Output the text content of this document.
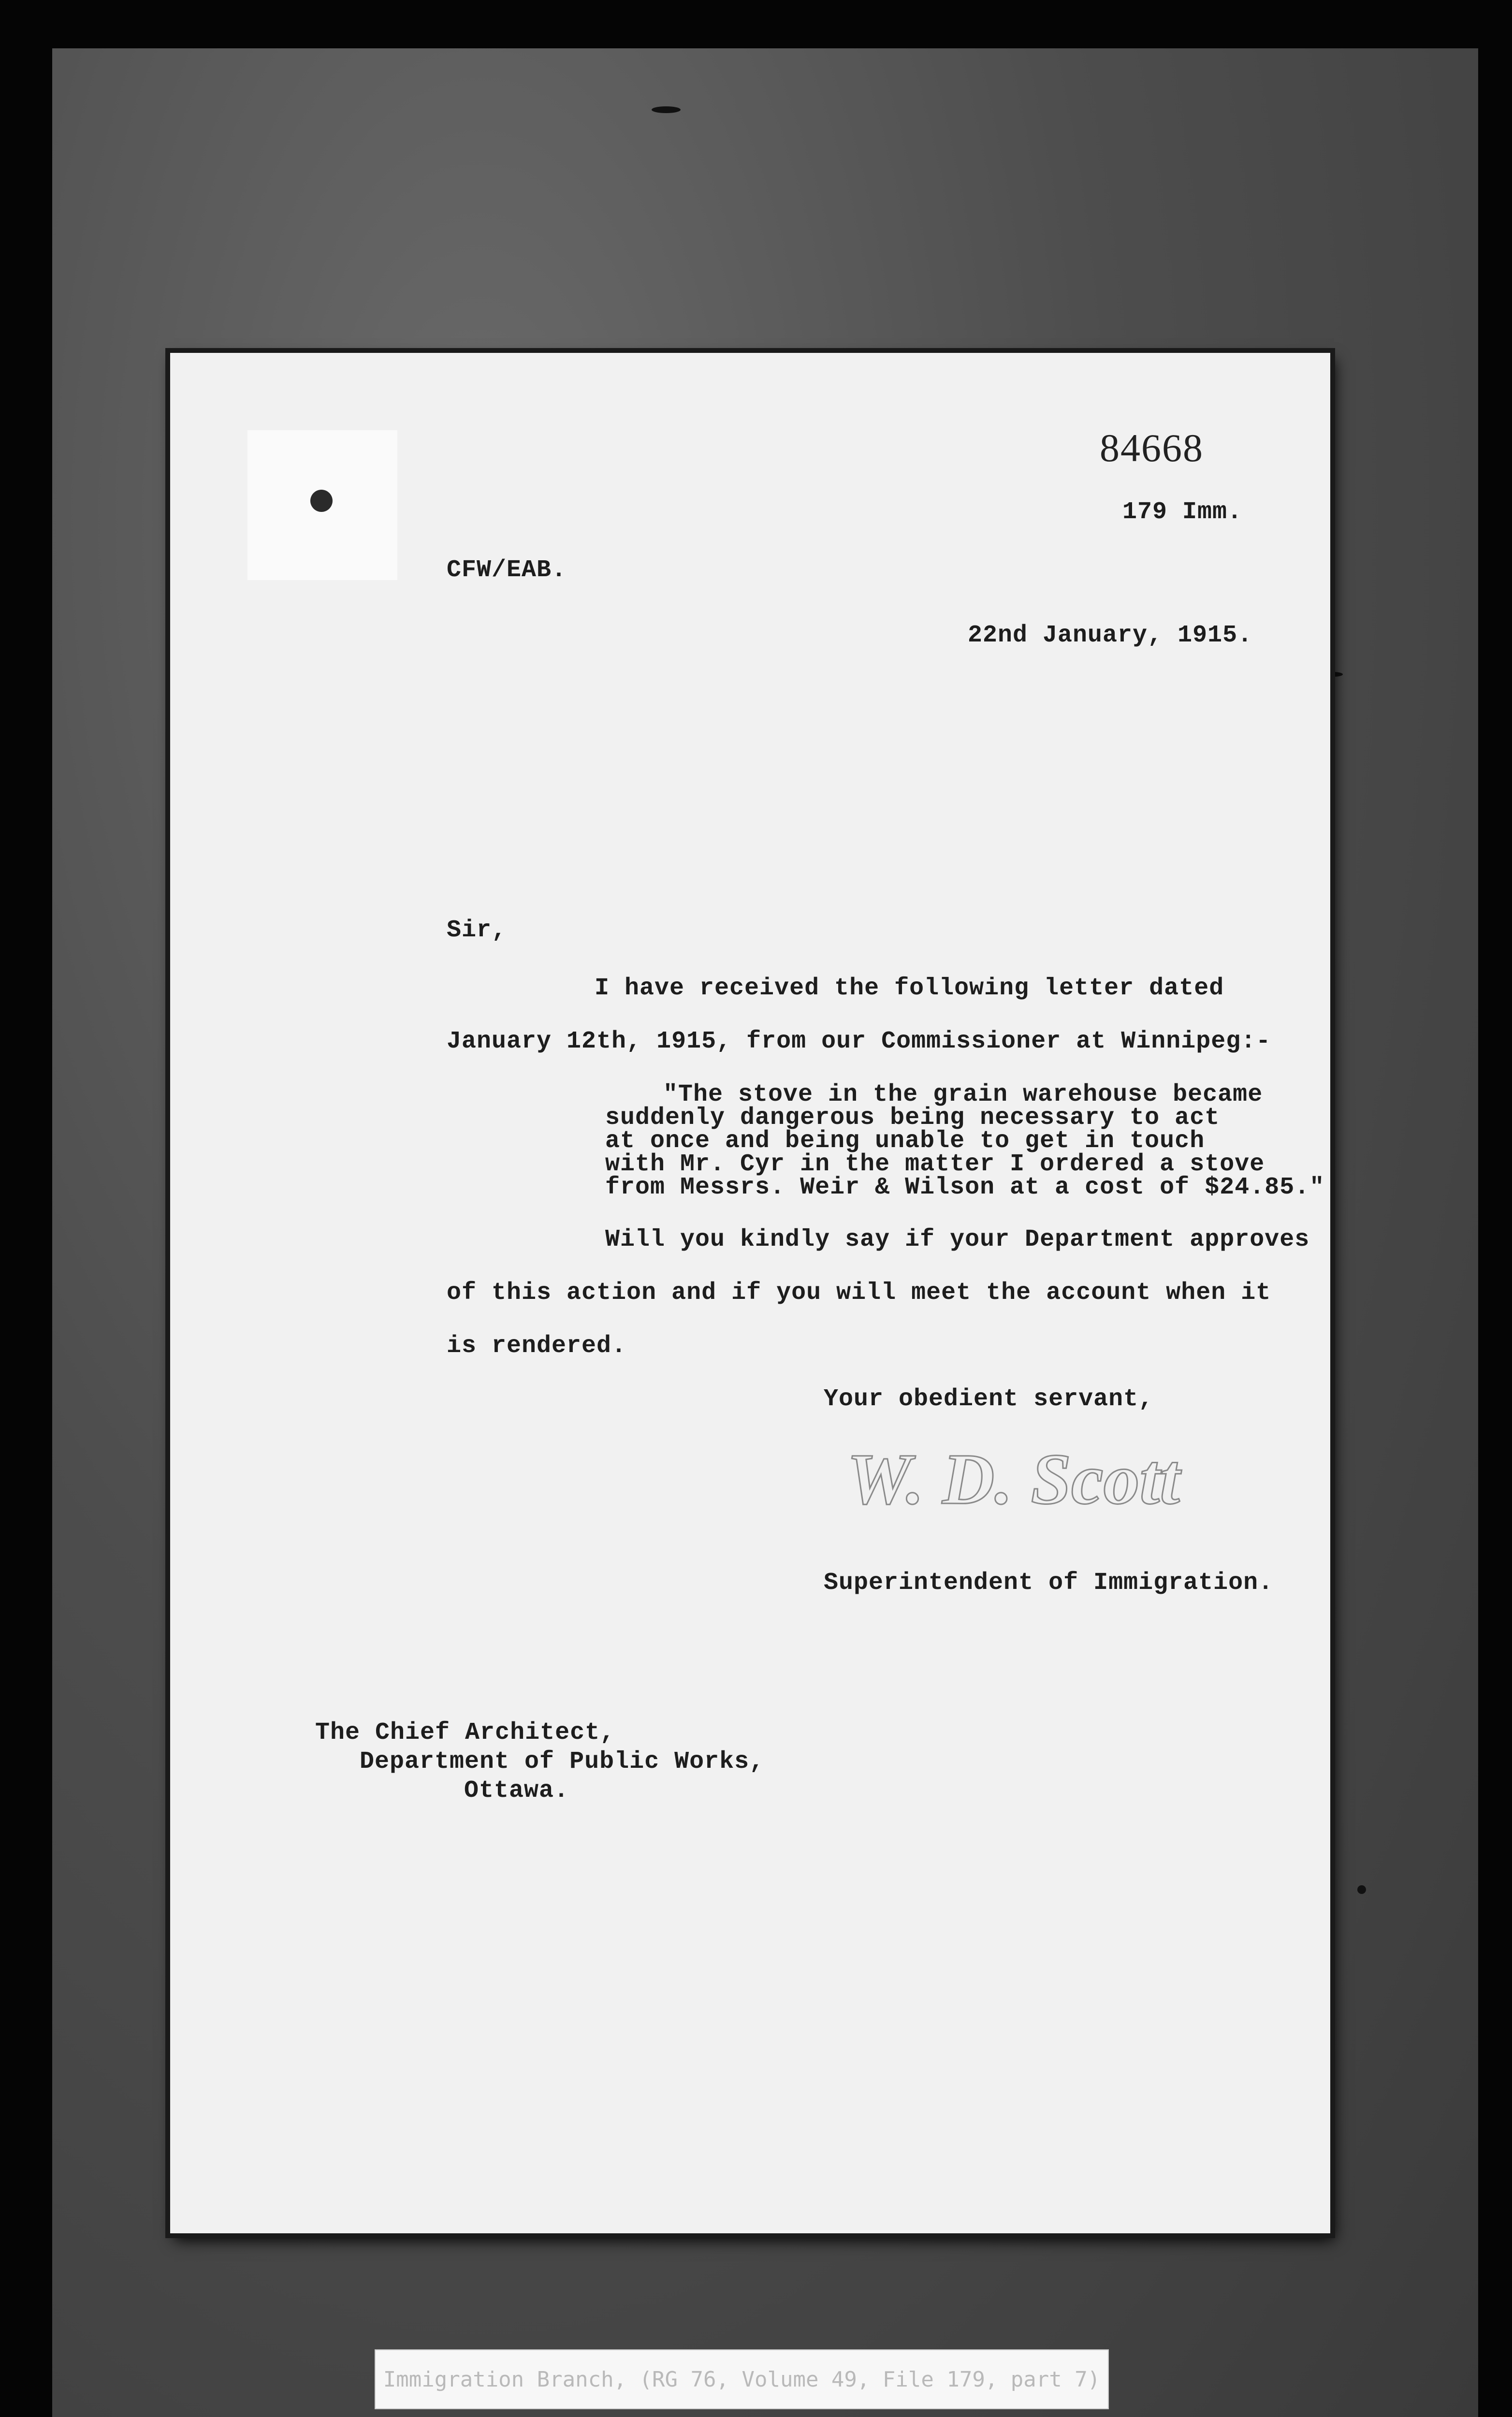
84668
179 Imm.
CFW/EAB.
22nd January, 1915.
Sir,
I have received the following letter dated
January 12th, 1915, from our Commissioner at Winnipeg:-
"The stove in the grain warehouse became
suddenly dangerous being necessary to act
at once and being unable to get in touch
with Mr. Cyr in the matter I ordered a stove
from Messrs. Weir & Wilson at a cost of $24.85."
Will you kindly say if your Department approves
of this action and if you will meet the account when it
is rendered.
Your obedient servant,
W. D. Scott
Superintendent of Immigration.
The Chief Architect,
Department of Public Works,
Ottawa.
Immigration Branch, (RG 76, Volume 49, File 179, part 7)
